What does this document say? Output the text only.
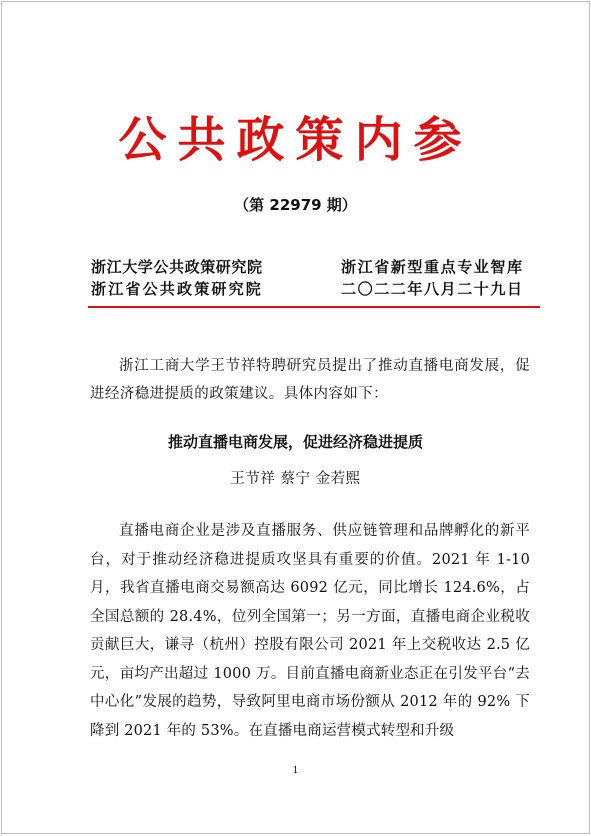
公共政策内参
（第 22979 期）
浙江大学公共政策研究院
浙江省公共政策研究院
浙江省新型重点专业智库
二〇二二年八月二十九日

浙江工商大学王节祥特聘研究员提出了推动直播电商发展，促进经济稳进提质的政策建议。具体内容如下：

推动直播电商发展，促进经济稳进提质
王节祥 蔡宁 金若熙

直播电商企业是涉及直播服务、供应链管理和品牌孵化的新平台，对于推动经济稳进提质攻坚具有重要的价值。2021 年 1-10 月，我省直播电商交易额高达 6092 亿元，同比增长 124.6%，占全国总额的 28.4%，位列全国第一；另一方面，直播电商企业税收贡献巨大，谦寻（杭州）控股有限公司 2021 年上交税收达 2.5 亿元，亩均产出超过 1000 万。目前直播电商新业态正在引发平台“去中心化”发展的趋势，导致阿里电商市场份额从 2012 年的 92% 下降到 2021 年的 53%。在直播电商运营模式转型和升级

1
